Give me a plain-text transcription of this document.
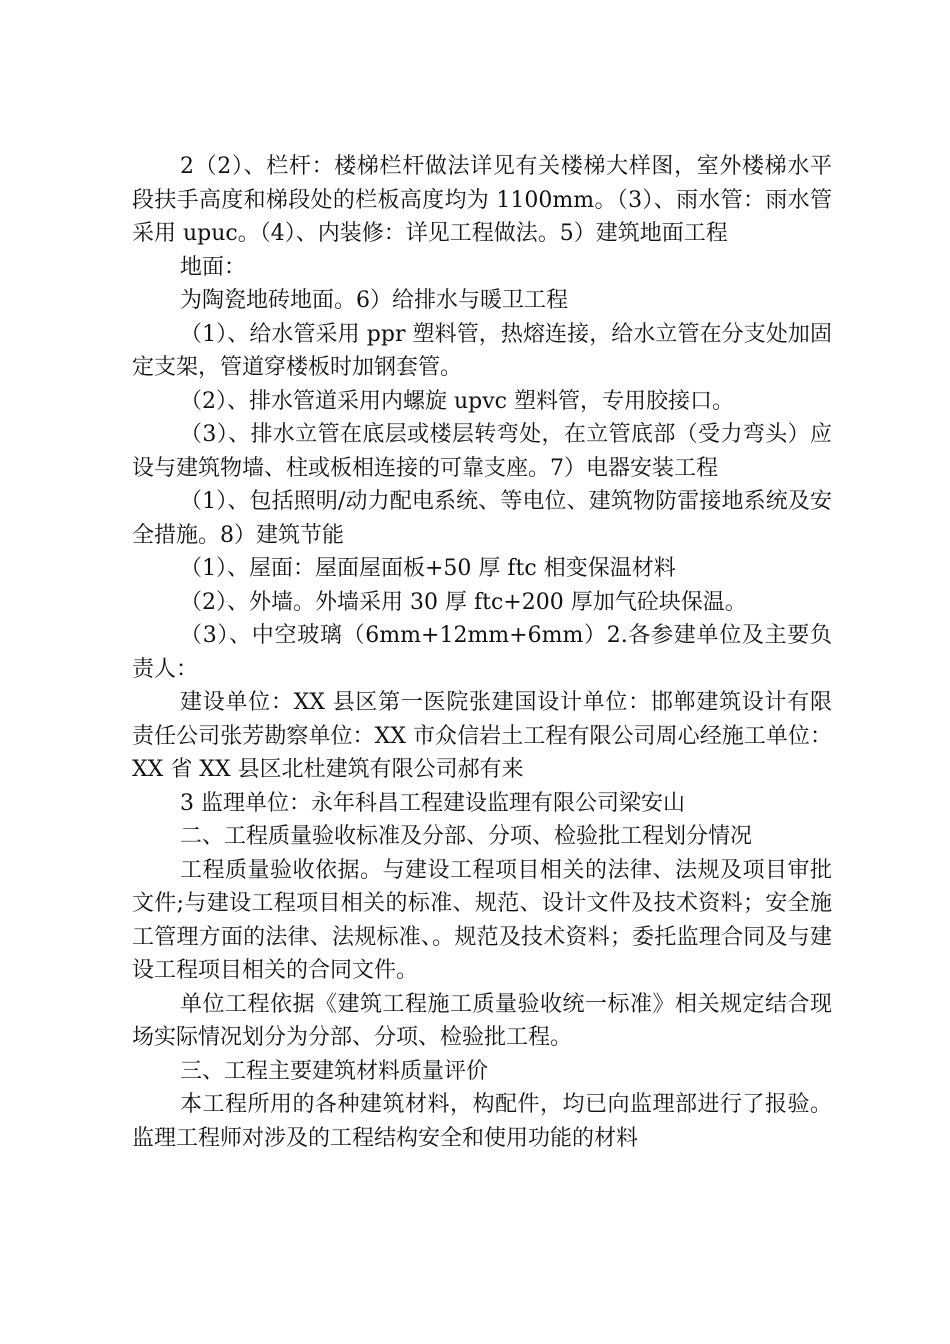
2（2）、栏杆：楼梯栏杆做法详见有关楼梯大样图，室外楼梯水平段扶手高度和梯段处的栏板高度均为 1100mm。（3）、雨水管：雨水管采用 upuc。（4）、内装修：详见工程做法。5）建筑地面工程

地面：

为陶瓷地砖地面。6）给排水与暖卫工程

（1）、给水管采用 ppr 塑料管，热熔连接，给水立管在分支处加固定支架，管道穿楼板时加钢套管。

（2）、排水管道采用内螺旋 upvc 塑料管，专用胶接口。

（3）、排水立管在底层或楼层转弯处，在立管底部（受力弯头）应设与建筑物墙、柱或板相连接的可靠支座。7）电器安装工程

（1）、包括照明/动力配电系统、等电位、建筑物防雷接地系统及安全措施。8）建筑节能

（1）、屋面：屋面屋面板+50 厚 ftc 相变保温材料

（2）、外墙。外墙采用 30 厚 ftc+200 厚加气砼块保温。

（3）、中空玻璃（6mm+12mm+6mm）2.各参建单位及主要负责人：

建设单位：XX 县区第一医院张建国设计单位：邯郸建筑设计有限责任公司张芳勘察单位：XX 市众信岩土工程有限公司周心经施工单位：XX 省 XX 县区北杜建筑有限公司郝有来

3 监理单位：永年科昌工程建设监理有限公司梁安山

二、工程质量验收标准及分部、分项、检验批工程划分情况

工程质量验收依据。与建设工程项目相关的法律、法规及项目审批文件;与建设工程项目相关的标准、规范、设计文件及技术资料；安全施工管理方面的法律、法规标准、。规范及技术资料；委托监理合同及与建设工程项目相关的合同文件。

单位工程依据《建筑工程施工质量验收统一标准》相关规定结合现场实际情况划分为分部、分项、检验批工程。

三、工程主要建筑材料质量评价

本工程所用的各种建筑材料，构配件，均已向监理部进行了报验。监理工程师对涉及的工程结构安全和使用功能的材料
